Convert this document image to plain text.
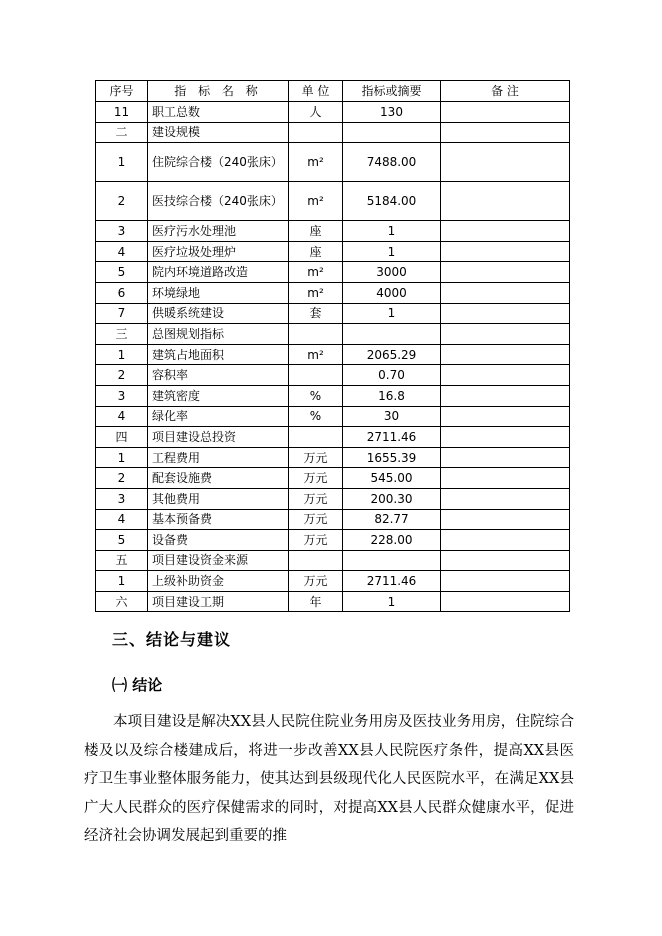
序号	指 标 名 称	单 位	指标或摘要	备 注
11	职工总数	人	130	
二	建设规模			
1	住院综合楼（240张床）	m²	7488.00	
2	医技综合楼（240张床）	m²	5184.00	
3	医疗污水处理池	座	1	
4	医疗垃圾处理炉	座	1	
5	院内环境道路改造	m²	3000	
6	环境绿地	m²	4000	
7	供暖系统建设	套	1	
三	总图规划指标			
1	建筑占地面积	m²	2065.29	
2	容积率		0.70	
3	建筑密度	%	16.8	
4	绿化率	%	30	
四	项目建设总投资		2711.46	
1	工程费用	万元	1655.39	
2	配套设施费	万元	545.00	
3	其他费用	万元	200.30	
4	基本预备费	万元	82.77	
5	设备费	万元	228.00	
五	项目建设资金来源			
1	上级补助资金	万元	2711.46	
六	项目建设工期	年	1	
三、结论与建议
㈠ 结论

本项目建设是解决XX县人民院住院业务用房及医技业务用房，住院综合楼及以及综合楼建成后，将进一步改善XX县人民院医疗条件，提高XX县医疗卫生事业整体服务能力，使其达到县级现代化人民医院水平，在满足XX县广大人民群众的医疗保健需求的同时，对提高XX县人民群众健康水平，促进经济社会协调发展起到重要的推
